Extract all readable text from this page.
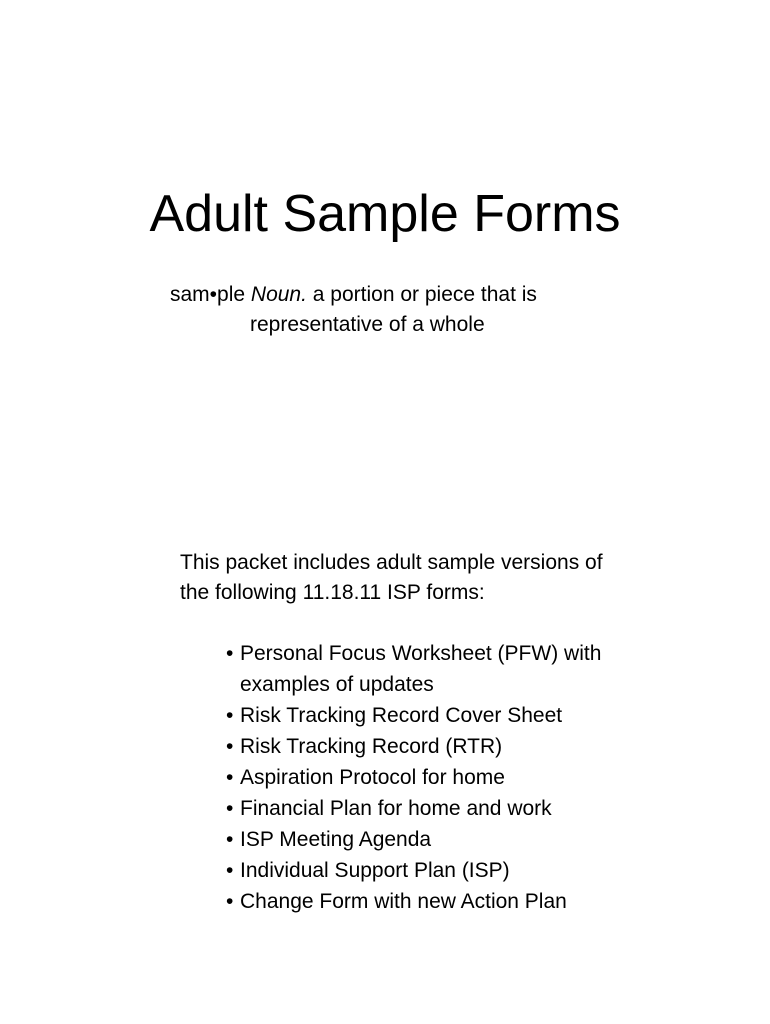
Adult Sample Forms
sam•ple Noun. a portion or piece that is
representative of a whole

This packet includes adult sample versions of

the following 11.18.11 ISP forms:

• Personal Focus Worksheet (PFW) with
examples of updates
• Risk Tracking Record Cover Sheet
• Risk Tracking Record (RTR)
• Aspiration Protocol for home
• Financial Plan for home and work
• ISP Meeting Agenda
• Individual Support Plan (ISP)
• Change Form with new Action Plan
